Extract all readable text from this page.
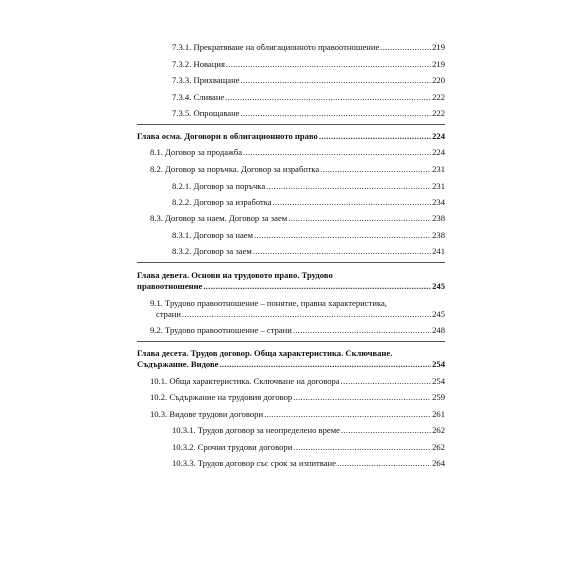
7.3.1. Прекратяване на облигационното правоотношение .....	219
7.3.2. Новация .....	219
7.3.3. Прихващане .....	220
7.3.4. Сливане .....	222
7.3.5. Опрощаване .....	222
Глава осма. Договори в облигационното право .....	224
8.1. Договор за продажба .....	224
8.2. Договор за поръчка. Договор за изработка .....	231
8.2.1. Договор за поръчка .....	231
8.2.2. Договор за изработка .....	234
8.3. Договор за наем. Договор за заем .....	238
8.3.1. Договор за наем .....	238
8.3.2. Договор за заем .....	241
Глава девета. Основи на трудовото право. Трудово
правоотношение .....	245
9.1. Трудово правоотношение – понятие, правна характеристика,
страни .....	245
9.2. Трудово правоотношение – страни .....	248
Глава десета. Трудов договор. Обща характеристика. Сключване.
Съдържание. Видове .....	254
10.1. Обща характеристика. Сключване на договора .....	254
10.2. Съдържание на трудовия договор .....	259
10.3. Видове трудови договори .....	261
10.3.1. Трудов договор за неопределено време .....	262
10.3.2. Срочни трудови договори .....	262
10.3.3. Трудов договор със срок за изпитване .....	264
